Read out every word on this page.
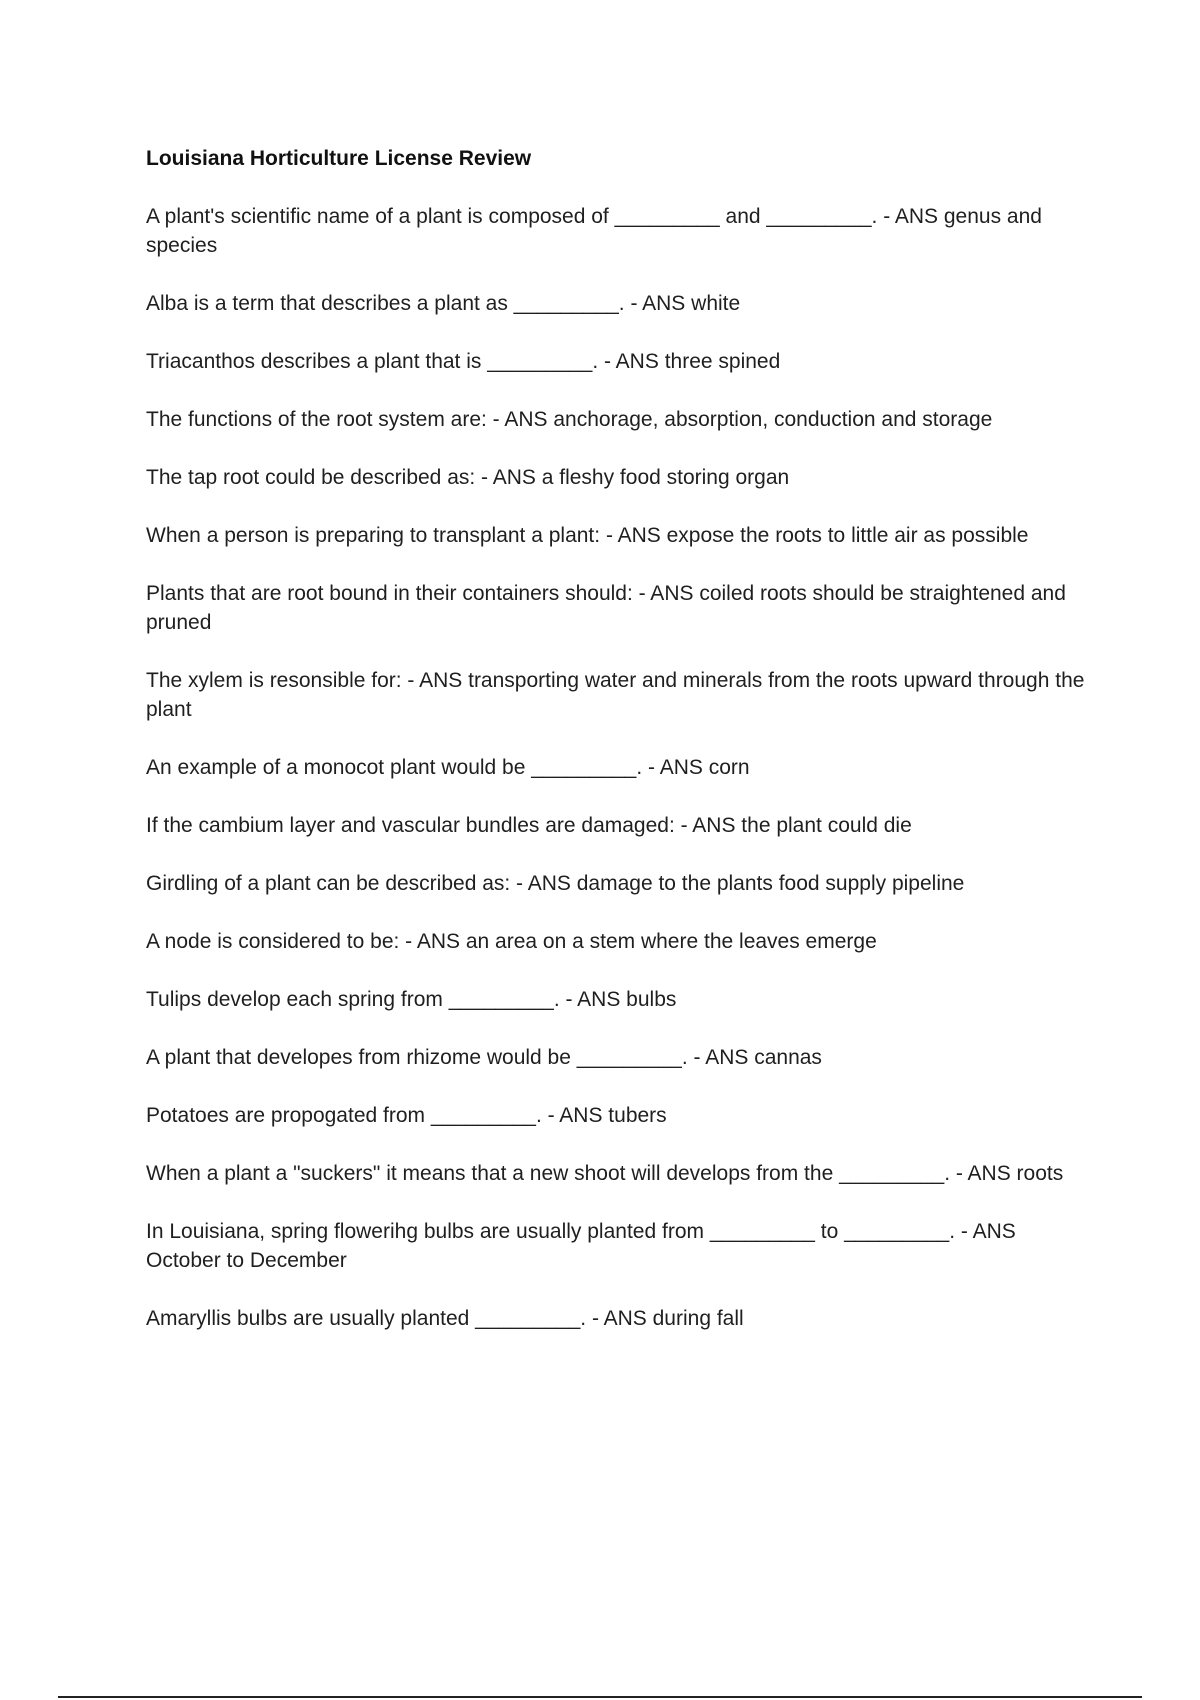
Louisiana Horticulture License Review
A plant's scientific name of a plant is composed of _________ and _________. - ANS genus and species
Alba is a term that describes a plant as _________. - ANS white
Triacanthos describes a plant that is _________. - ANS three spined
The functions of the root system are: - ANS anchorage, absorption, conduction and storage
The tap root could be described as: - ANS a fleshy food storing organ
When a person is preparing to transplant a plant: - ANS expose the roots to little air as possible
Plants that are root bound in their containers should: - ANS coiled roots should be straightened and pruned
The xylem is resonsible for: - ANS transporting water and minerals from the roots upward through the plant
An example of a monocot plant would be _________. - ANS corn
If the cambium layer and vascular bundles are damaged: - ANS the plant could die
Girdling of a plant can be described as: - ANS damage to the plants food supply pipeline
A node is considered to be: - ANS an area on a stem where the leaves emerge
Tulips develop each spring from _________. - ANS bulbs
A plant that developes from rhizome would be _________. - ANS cannas
Potatoes are propogated from _________. - ANS tubers
When a plant a "suckers" it means that a new shoot will develops from the _________. - ANS roots
In Louisiana, spring flowerihg bulbs are usually planted from _________ to _________. - ANS October to December
Amaryllis bulbs are usually planted _________. - ANS during fall
